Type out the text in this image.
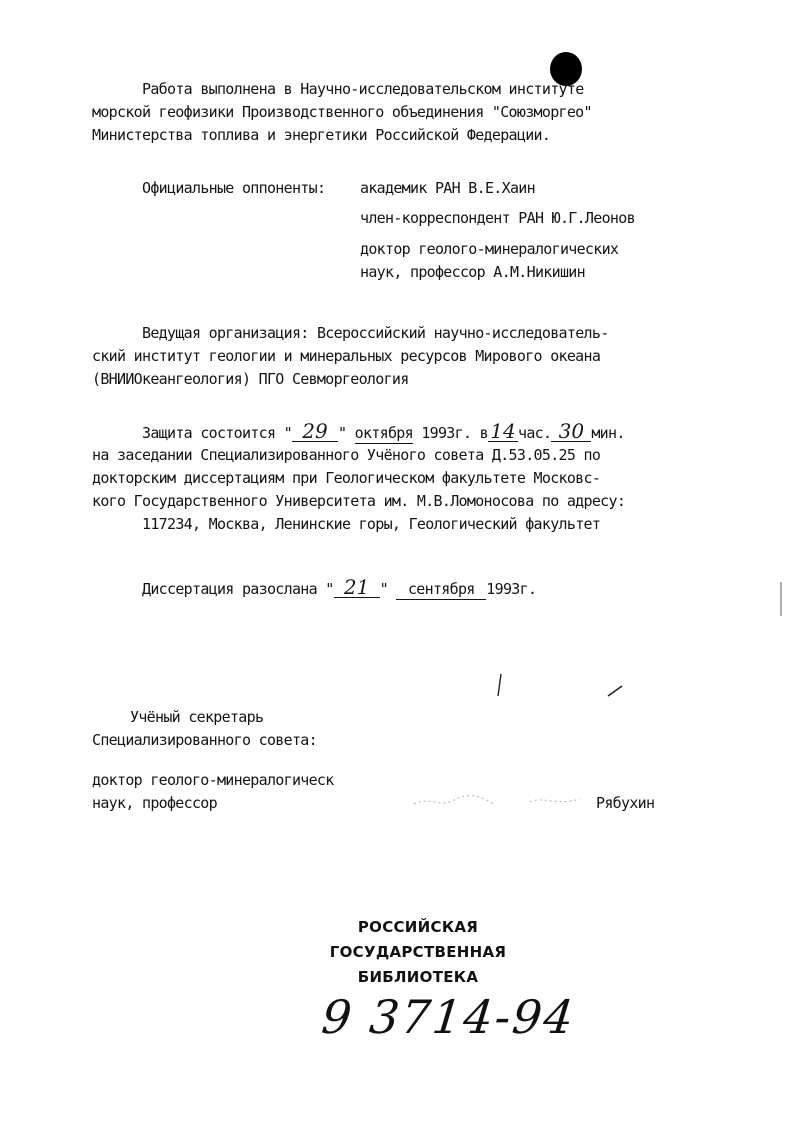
Работа выполнена в Научно-исследовательском институте
морской геофизики Производственного объединения "Союзморгео"
Министерства топлива и энергетики Российской Федерации.
Официальные оппоненты: академик РАН В.Е.Хаин
член-корреспондент РАН Ю.Г.Леонов
доктор геолого-минералогических
наук, профессор А.М.Никишин
Ведущая организация: Всероссийский научно-исследователь-
ский институт геологии и минеральных ресурсов Мирового океана
(ВНИИОкеангеология) ПГО Севморгеология
Защита состоится " 29 " октября 1993г. в 14 час. 30 мин.
на заседании Специализированного Учёного совета Д.53.05.25 по
докторским диссертациям при Геологическом факультете Московс-
кого Государственного Университета им. М.В.Ломоносова по адресу:
117234, Москва, Ленинские горы, Геологический факультет
Диссертация разослана " 21 " сентября 1993г.
Учёный секретарь
Специализированного совета:
доктор геолого-минералогическ
наук, профессор	Рябухин
РОССИЙСКАЯ
ГОСУДАРСТВЕННАЯ
БИБЛИОТЕКА
9 3714-94
